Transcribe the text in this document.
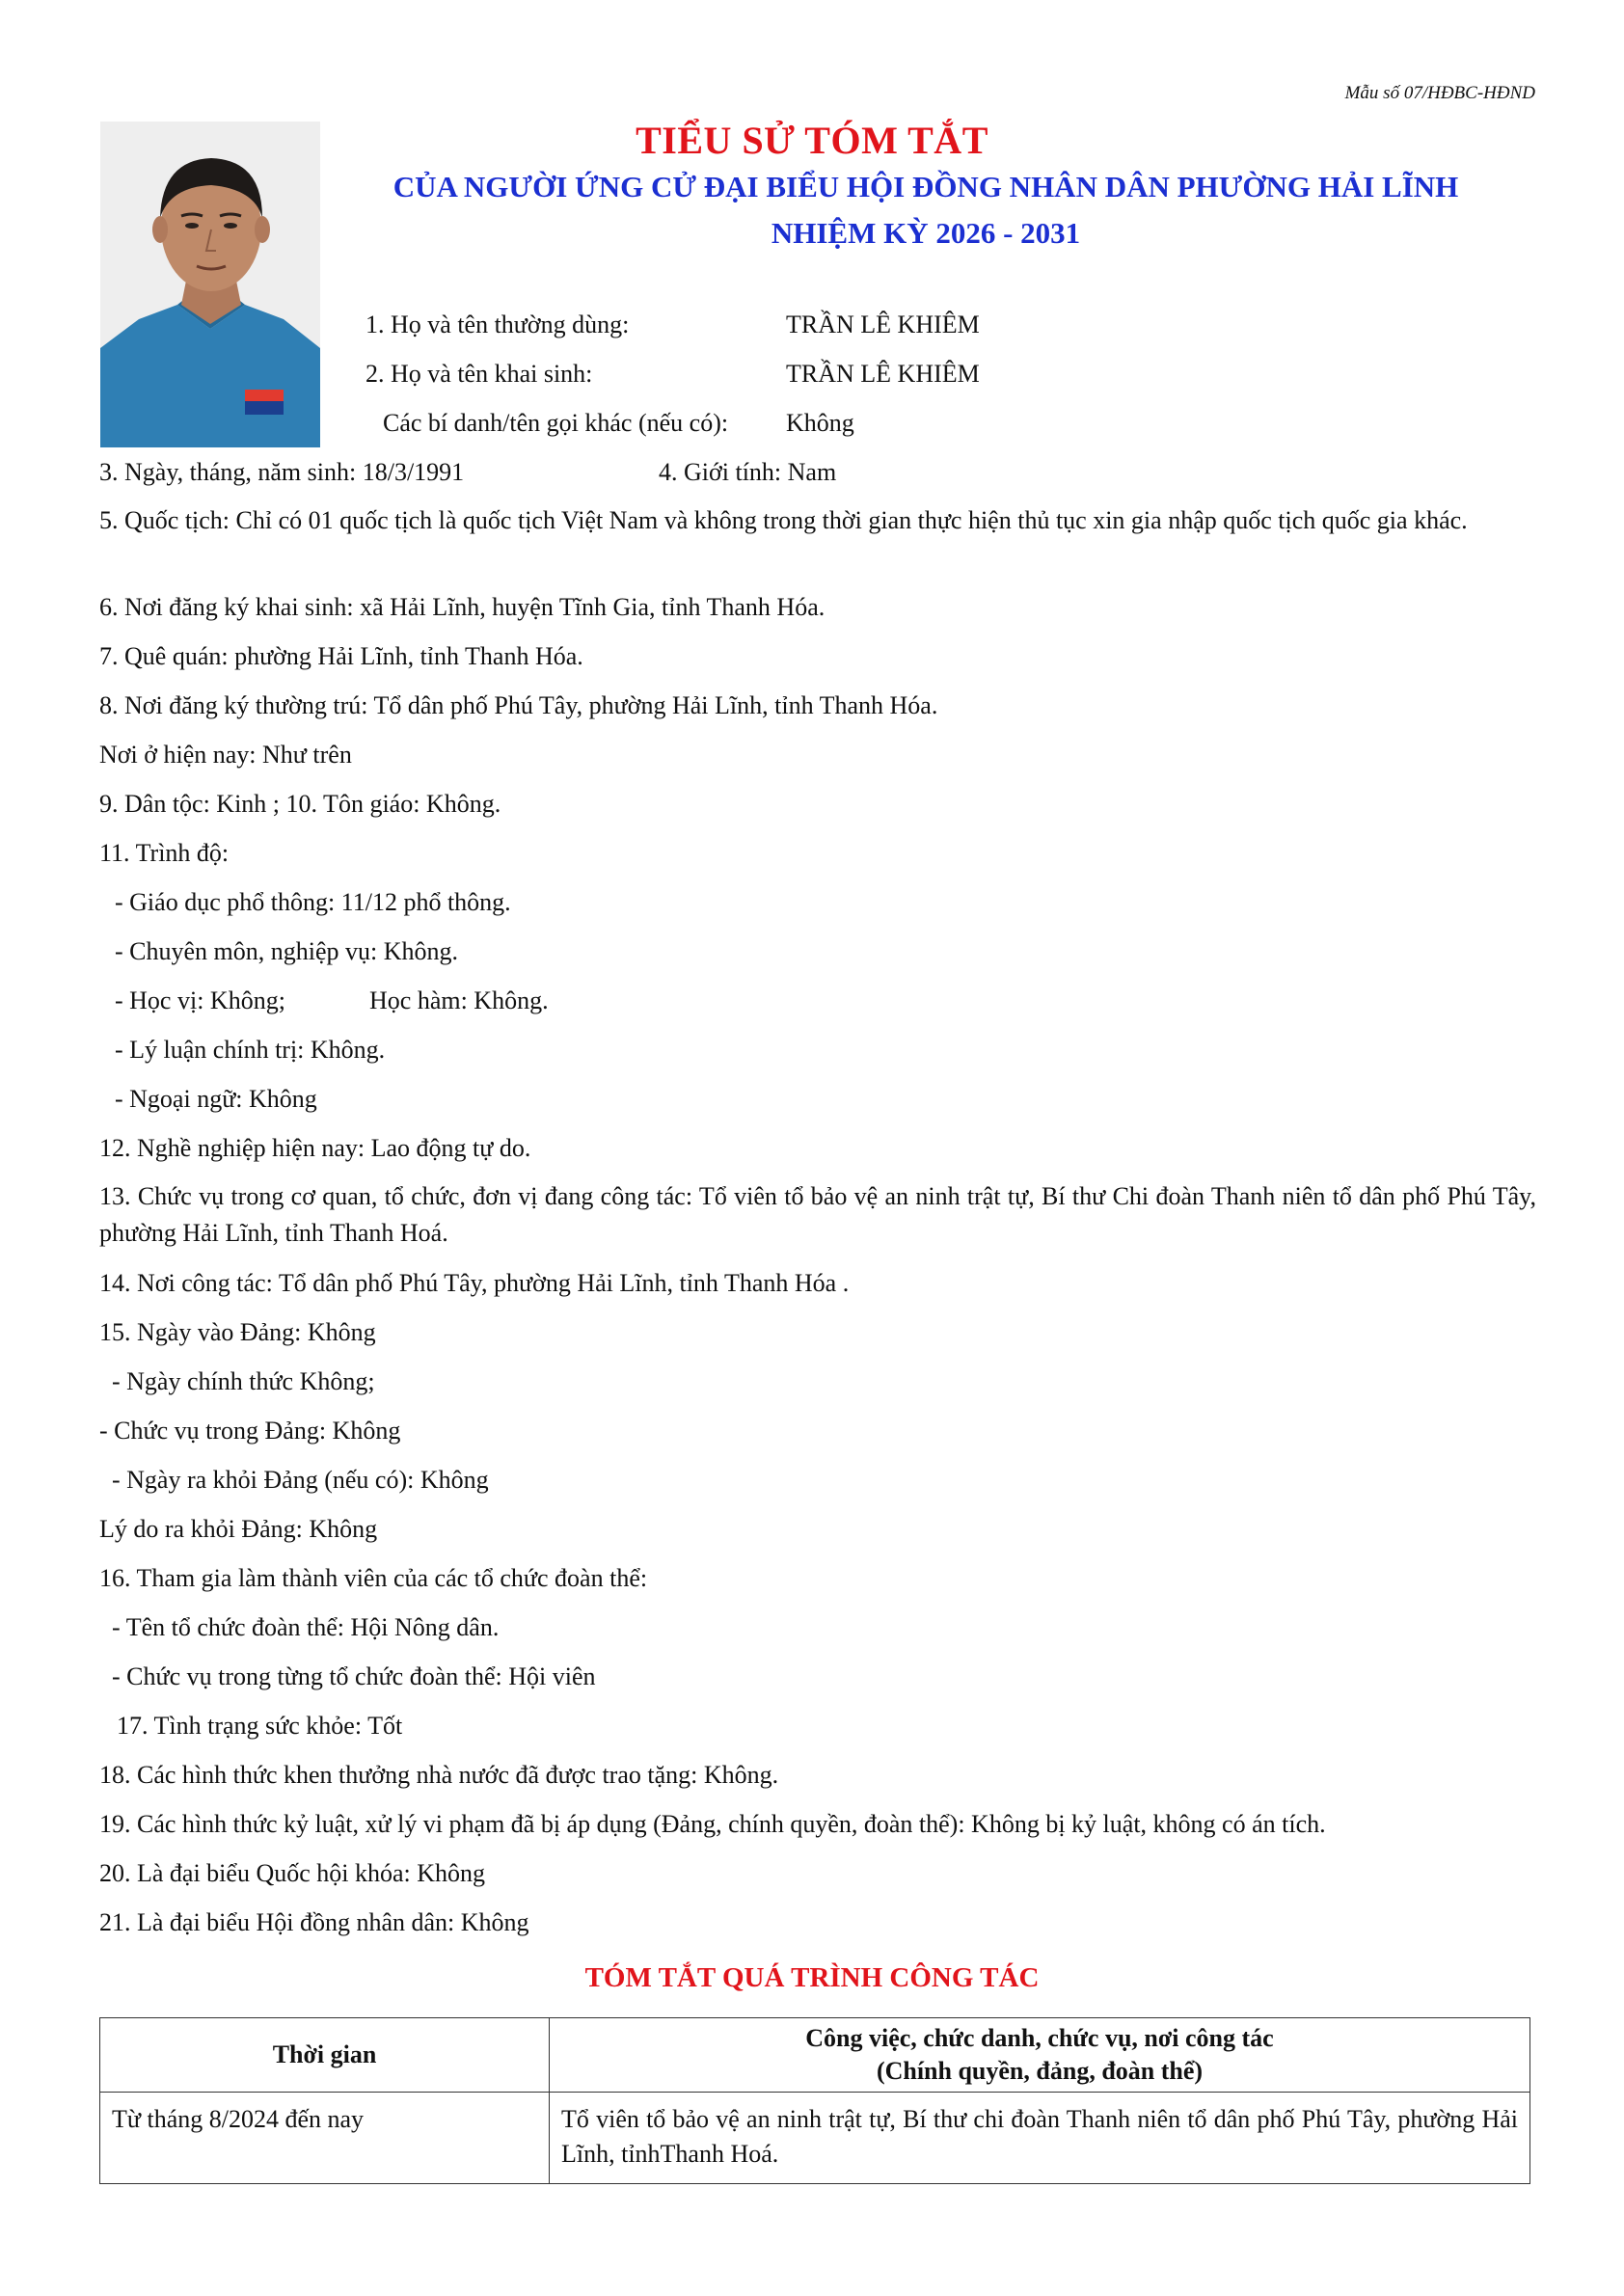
Mẫu số 07/HĐBC-HĐND
TIỂU SỬ TÓM TẮT
CỦA NGƯỜI ỨNG CỬ ĐẠI BIỂU HỘI ĐỒNG NHÂN DÂN PHƯỜNG HẢI LĨNH
NHIỆM KỲ 2026 - 2031
1. Họ và tên thường dùng:	TRẦN LÊ KHIÊM
2. Họ và tên khai sinh:	TRẦN LÊ KHIÊM
Các bí danh/tên gọi khác (nếu có): Không
3. Ngày, tháng, năm sinh: 18/3/1991	4. Giới tính: Nam
5. Quốc tịch: Chỉ có 01 quốc tịch là quốc tịch Việt Nam và không trong thời gian thực hiện thủ tục xin gia nhập quốc tịch quốc gia khác.
6. Nơi đăng ký khai sinh: xã Hải Lĩnh, huyện Tĩnh Gia, tỉnh Thanh Hóa.
7. Quê quán: phường Hải Lĩnh, tỉnh Thanh Hóa.
8. Nơi đăng ký thường trú: Tổ dân phố Phú Tây, phường Hải Lĩnh, tỉnh Thanh Hóa.
Nơi ở hiện nay: Như trên
9. Dân tộc: Kinh ; 10. Tôn giáo: Không.
11. Trình độ:
- Giáo dục phổ thông: 11/12 phổ thông.
- Chuyên môn, nghiệp vụ: Không.
- Học vị: Không;	Học hàm: Không.
- Lý luận chính trị: Không.
- Ngoại ngữ: Không
12. Nghề nghiệp hiện nay: Lao động tự do.
13. Chức vụ trong cơ quan, tổ chức, đơn vị đang công tác: Tổ viên tổ bảo vệ an ninh trật tự, Bí thư Chi đoàn Thanh niên tổ dân phố Phú Tây, phường Hải Lĩnh, tỉnh Thanh Hoá.
14. Nơi công tác: Tổ dân phố Phú Tây, phường Hải Lĩnh, tỉnh Thanh Hóa .
15. Ngày vào Đảng: Không
- Ngày chính thức Không;
- Chức vụ trong Đảng: Không
- Ngày ra khỏi Đảng (nếu có): Không
Lý do ra khỏi Đảng: Không
16. Tham gia làm thành viên của các tổ chức đoàn thể:
- Tên tổ chức đoàn thể: Hội Nông dân.
- Chức vụ trong từng tổ chức đoàn thể: Hội viên
17. Tình trạng sức khỏe: Tốt
18. Các hình thức khen thưởng nhà nước đã được trao tặng: Không.
19. Các hình thức kỷ luật, xử lý vi phạm đã bị áp dụng (Đảng, chính quyền, đoàn thể): Không bị kỷ luật, không có án tích.
20. Là đại biểu Quốc hội khóa: Không
21. Là đại biểu Hội đồng nhân dân: Không
TÓM TẮT QUÁ TRÌNH CÔNG TÁC
Thời gian	Công việc, chức danh, chức vụ, nơi công tác
(Chính quyền, đảng, đoàn thể)

Từ tháng 8/2024 đến nay	Tổ viên tổ bảo vệ an ninh trật tự, Bí thư chi đoàn Thanh niên tổ dân phố Phú Tây, phường Hải Lĩnh, tỉnhThanh Hoá.
